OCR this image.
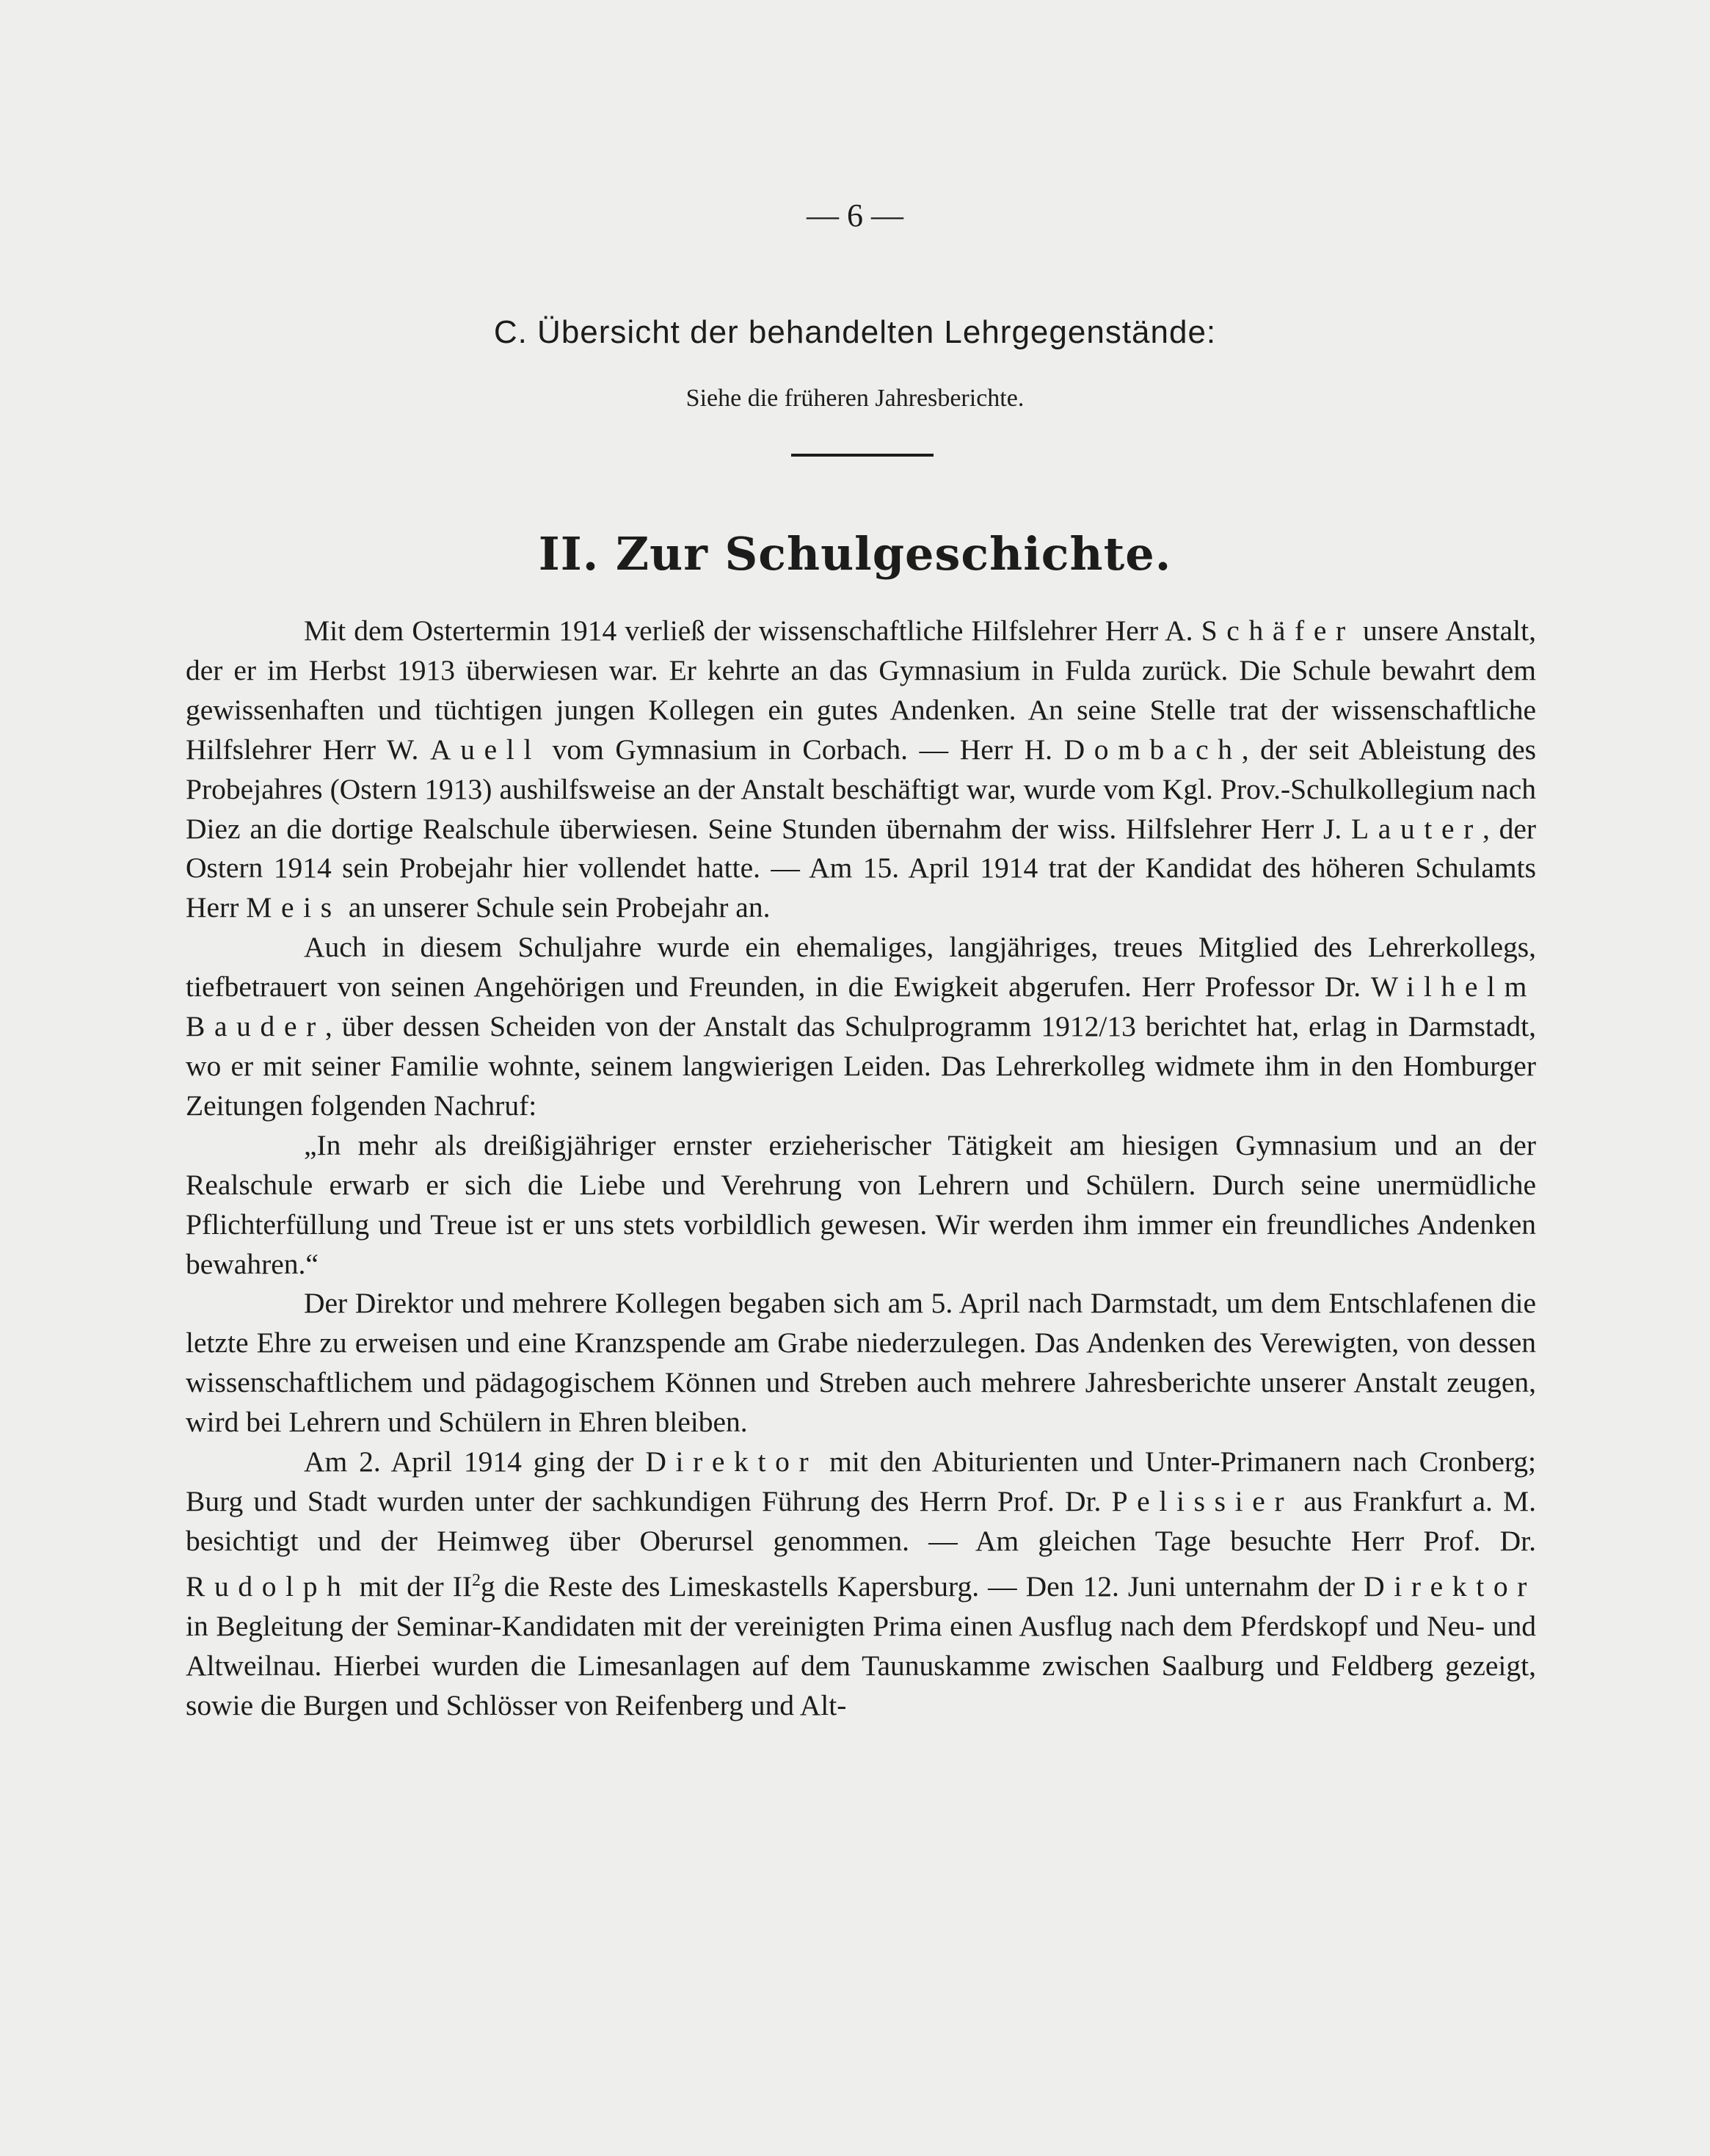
— 6 —
C. Übersicht der behandelten Lehrgegenstände:
Siehe die früheren Jahresberichte.
II. Zur Schulgeschichte.

Mit dem Ostertermin 1914 verließ der wissenschaftliche Hilfslehrer Herr A. Schäfer unsere Anstalt, der er im Herbst 1913 überwiesen war. Er kehrte an das Gymnasium in Fulda zurück. Die Schule bewahrt dem gewissenhaften und tüchtigen jungen Kollegen ein gutes Andenken. An seine Stelle trat der wissenschaftliche Hilfslehrer Herr W. Auell vom Gymnasium in Corbach. — Herr H. Dombach, der seit Ableistung des Probejahres (Ostern 1913) aushilfsweise an der Anstalt beschäftigt war, wurde vom Kgl. Prov.-Schulkollegium nach Diez an die dortige Realschule überwiesen. Seine Stunden übernahm der wiss. Hilfslehrer Herr J. Lauter, der Ostern 1914 sein Probejahr hier vollendet hatte. — Am 15. April 1914 trat der Kandidat des höheren Schulamts Herr Meis an unserer Schule sein Probejahr an.

Auch in diesem Schuljahre wurde ein ehemaliges, langjähriges, treues Mitglied des Lehrerkollegs, tiefbetrauert von seinen Angehörigen und Freunden, in die Ewigkeit abgerufen. Herr Professor Dr. Wilhelm Bauder, über dessen Scheiden von der Anstalt das Schulprogramm 1912/13 berichtet hat, erlag in Darmstadt, wo er mit seiner Familie wohnte, seinem langwierigen Leiden. Das Lehrerkolleg widmete ihm in den Homburger Zeitungen folgenden Nachruf:

„In mehr als dreißigjähriger ernster erzieherischer Tätigkeit am hiesigen Gymnasium und an der Realschule erwarb er sich die Liebe und Verehrung von Lehrern und Schülern. Durch seine unermüdliche Pflichterfüllung und Treue ist er uns stets vorbildlich gewesen. Wir werden ihm immer ein freundliches Andenken bewahren.“

Der Direktor und mehrere Kollegen begaben sich am 5. April nach Darmstadt, um dem Entschlafenen die letzte Ehre zu erweisen und eine Kranzspende am Grabe niederzulegen. Das Andenken des Verewigten, von dessen wissenschaftlichem und pädagogischem Können und Streben auch mehrere Jahresberichte unserer Anstalt zeugen, wird bei Lehrern und Schülern in Ehren bleiben.

Am 2. April 1914 ging der Direktor mit den Abiturienten und Unter-Primanern nach Cronberg; Burg und Stadt wurden unter der sachkundigen Führung des Herrn Prof. Dr. Pelissier aus Frankfurt a. M. besichtigt und der Heimweg über Oberursel genommen. — Am gleichen Tage besuchte Herr Prof. Dr. Rudolph mit der $II^2g$ die Reste des Limeskastells Kapersburg. — Den 12. Juni unternahm der Direktor in Begleitung der Seminar-Kandidaten mit der vereinigten Prima einen Ausflug nach dem Pferdskopf und Neu- und Altweilnau. Hierbei wurden die Limesanlagen auf dem Taunuskamme zwischen Saalburg und Feldberg gezeigt, sowie die Burgen und Schlösser von Reifenberg und Alt-
